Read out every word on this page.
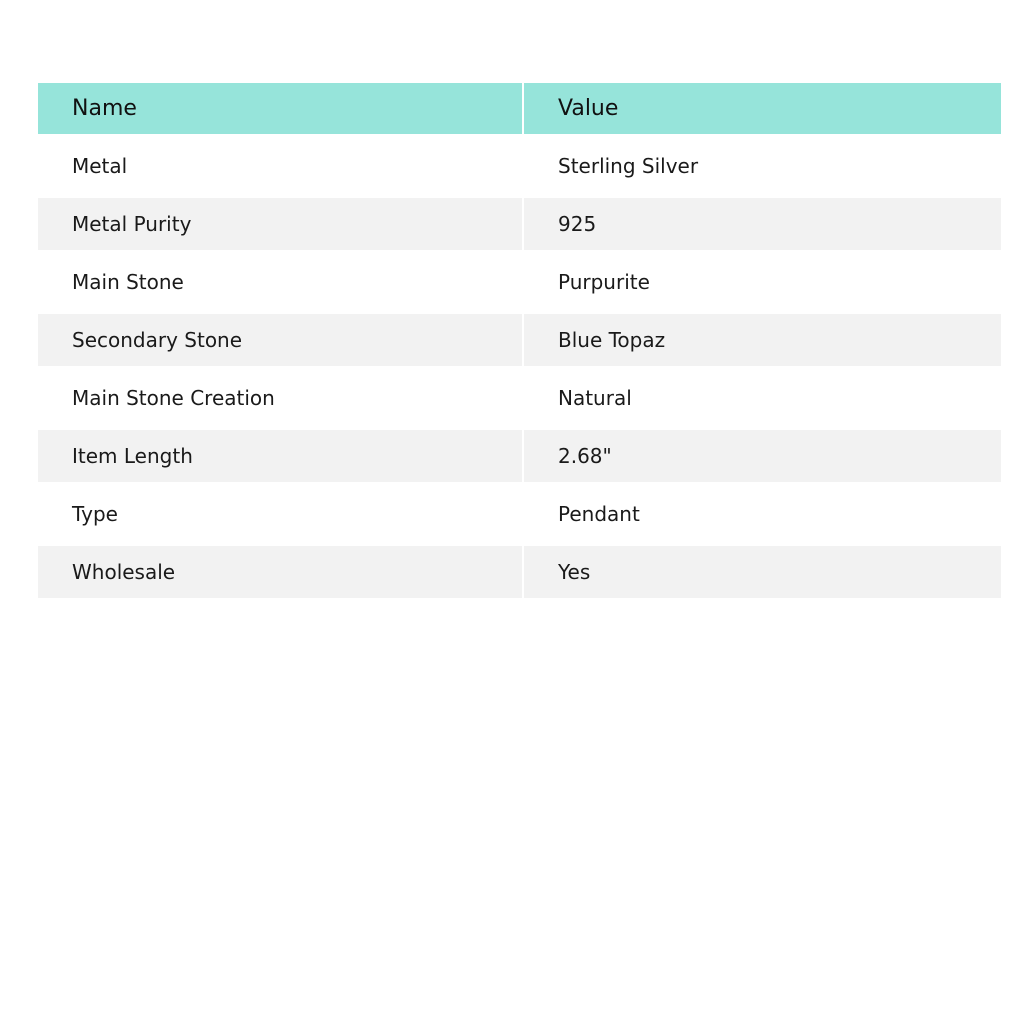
Name	Value
Metal	Sterling Silver
Metal Purity	925
Main Stone	Purpurite
Secondary Stone	Blue Topaz
Main Stone Creation	Natural
Item Length	2.68"
Type	Pendant
Wholesale	Yes
